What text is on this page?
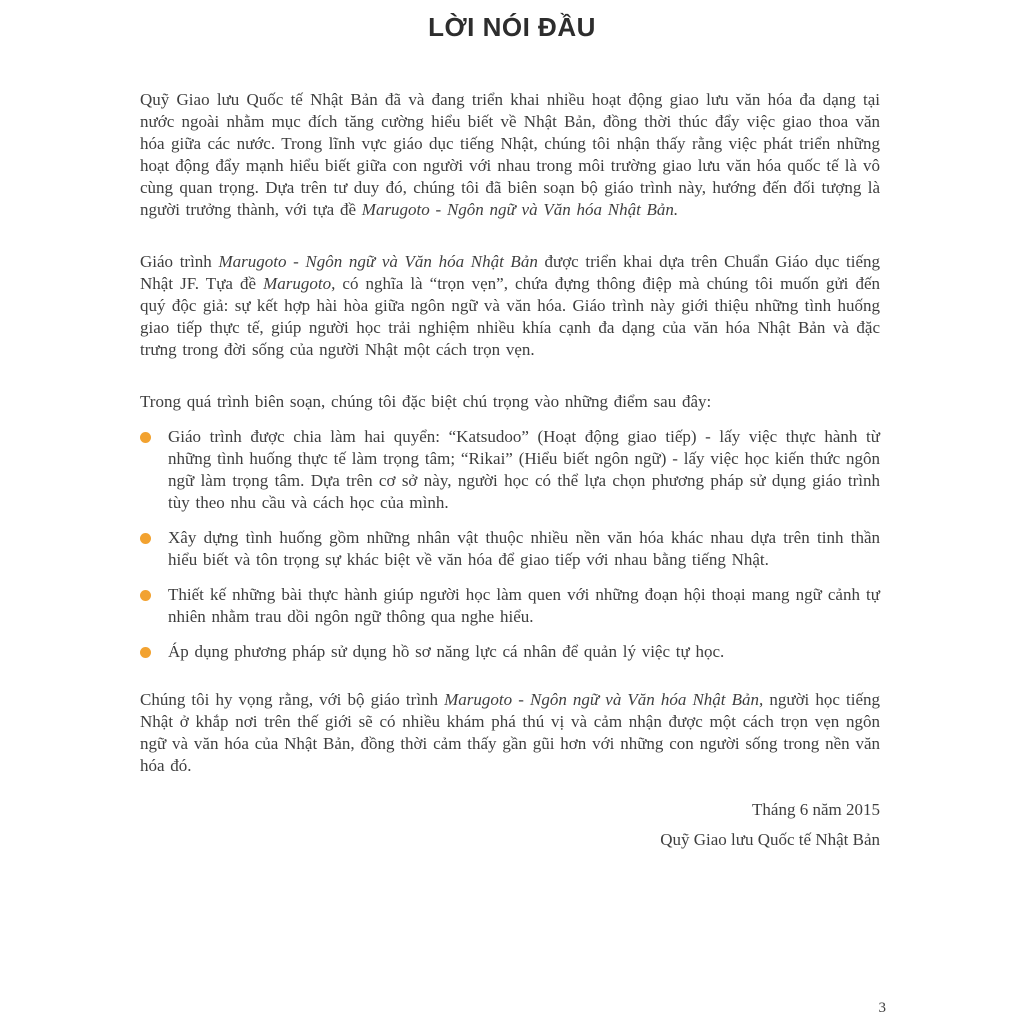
LỜI NÓI ĐẦU

Quỹ Giao lưu Quốc tế Nhật Bản đã và đang triển khai nhiều hoạt động giao lưu văn hóa đa dạng tại nước ngoài nhằm mục đích tăng cường hiểu biết về Nhật Bản, đồng thời thúc đẩy việc giao thoa văn hóa giữa các nước. Trong lĩnh vực giáo dục tiếng Nhật, chúng tôi nhận thấy rằng việc phát triển những hoạt động đẩy mạnh hiểu biết giữa con người với nhau trong môi trường giao lưu văn hóa quốc tế là vô cùng quan trọng. Dựa trên tư duy đó, chúng tôi đã biên soạn bộ giáo trình này, hướng đến đối tượng là người trưởng thành, với tựa đề Marugoto - Ngôn ngữ và Văn hóa Nhật Bản.

Giáo trình Marugoto - Ngôn ngữ và Văn hóa Nhật Bản được triển khai dựa trên Chuẩn Giáo dục tiếng Nhật JF. Tựa đề Marugoto, có nghĩa là “trọn vẹn”, chứa đựng thông điệp mà chúng tôi muốn gửi đến quý độc giả: sự kết hợp hài hòa giữa ngôn ngữ và văn hóa. Giáo trình này giới thiệu những tình huống giao tiếp thực tế, giúp người học trải nghiệm nhiều khía cạnh đa dạng của văn hóa Nhật Bản và đặc trưng trong đời sống của người Nhật một cách trọn vẹn.

Trong quá trình biên soạn, chúng tôi đặc biệt chú trọng vào những điểm sau đây:

Giáo trình được chia làm hai quyển: “Katsudoo” (Hoạt động giao tiếp) - lấy việc thực hành từ những tình huống thực tế làm trọng tâm; “Rikai” (Hiểu biết ngôn ngữ) - lấy việc học kiến thức ngôn ngữ làm trọng tâm. Dựa trên cơ sở này, người học có thể lựa chọn phương pháp sử dụng giáo trình tùy theo nhu cầu và cách học của mình.
Xây dựng tình huống gồm những nhân vật thuộc nhiều nền văn hóa khác nhau dựa trên tinh thần hiểu biết và tôn trọng sự khác biệt về văn hóa để giao tiếp với nhau bằng tiếng Nhật.
Thiết kế những bài thực hành giúp người học làm quen với những đoạn hội thoại mang ngữ cảnh tự nhiên nhằm trau dồi ngôn ngữ thông qua nghe hiểu.
Áp dụng phương pháp sử dụng hồ sơ năng lực cá nhân để quản lý việc tự học.

Chúng tôi hy vọng rằng, với bộ giáo trình Marugoto - Ngôn ngữ và Văn hóa Nhật Bản, người học tiếng Nhật ở khắp nơi trên thế giới sẽ có nhiều khám phá thú vị và cảm nhận được một cách trọn vẹn ngôn ngữ và văn hóa của Nhật Bản, đồng thời cảm thấy gần gũi hơn với những con người sống trong nền văn hóa đó.

Tháng 6 năm 2015
Quỹ Giao lưu Quốc tế Nhật Bản
3
